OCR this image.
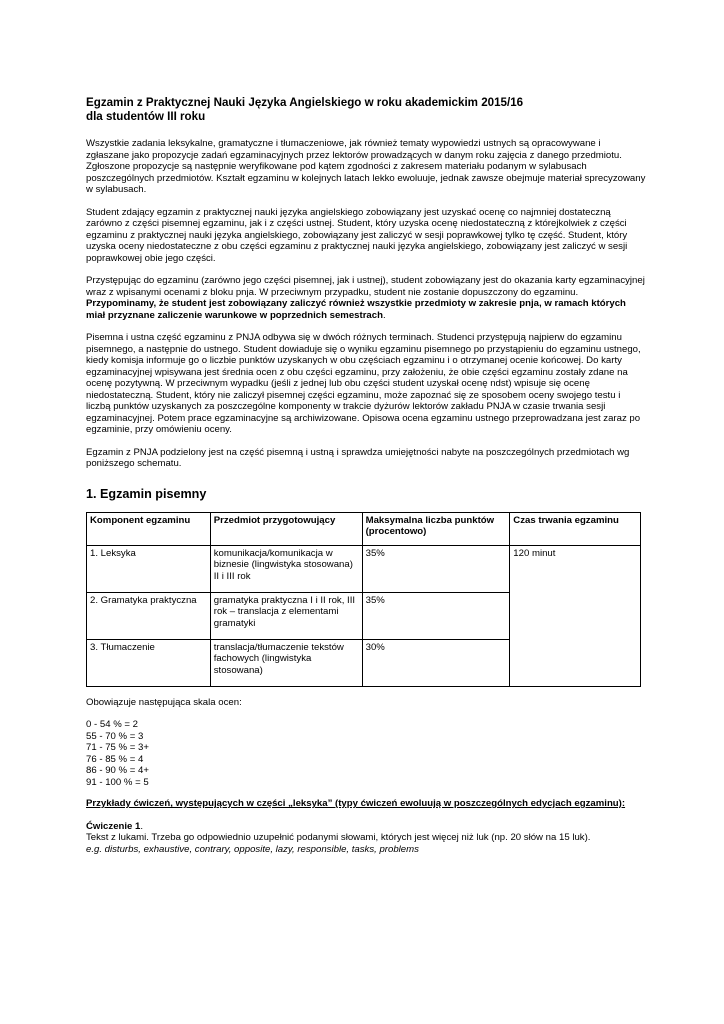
Egzamin z Praktycznej Nauki Języka Angielskiego w roku akademickim 2015/16
dla studentów III roku

Wszystkie zadania leksykalne, gramatyczne i tłumaczeniowe, jak również tematy wypowiedzi ustnych są opracowywane i zgłaszane jako propozycje zadań egzaminacyjnych przez lektorów prowadzących w danym roku zajęcia z danego przedmiotu. Zgłoszone propozycje są następnie weryfikowane pod kątem zgodności z zakresem materiału podanym w sylabusach poszczególnych przedmiotów. Kształt egzaminu w kolejnych latach lekko ewoluuje, jednak zawsze obejmuje materiał sprecyzowany w sylabusach.

Student zdający egzamin z praktycznej nauki języka angielskiego zobowiązany jest uzyskać ocenę co najmniej dostateczną zarówno z części pisemnej egzaminu, jak i z części ustnej. Student, który uzyska ocenę niedostateczną z którejkolwiek z części egzaminu z praktycznej nauki języka angielskiego, zobowiązany jest zaliczyć w sesji poprawkowej tylko tę część. Student, który uzyska oceny niedostateczne z obu części egzaminu z praktycznej nauki języka angielskiego, zobowiązany jest zaliczyć w sesji poprawkowej obie jego części.

Przystępując do egzaminu (zarówno jego części pisemnej, jak i ustnej), student zobowiązany jest do okazania karty egzaminacyjnej wraz z wpisanymi ocenami z bloku pnja. W przeciwnym przypadku, student nie zostanie dopuszczony do egzaminu. Przypominamy, że student jest zobowiązany zaliczyć również wszystkie przedmioty w zakresie pnja, w ramach których miał przyznane zaliczenie warunkowe w poprzednich semestrach.

Pisemna i ustna część egzaminu z PNJA odbywa się w dwóch różnych terminach. Studenci przystępują najpierw do egzaminu pisemnego, a następnie do ustnego. Student dowiaduje się o wyniku egzaminu pisemnego po przystąpieniu do egzaminu ustnego, kiedy komisja informuje go o liczbie punktów uzyskanych w obu częściach egzaminu i o otrzymanej ocenie końcowej. Do karty egzaminacyjnej wpisywana jest średnia ocen z obu części egzaminu, przy założeniu, że obie części egzaminu zostały zdane na ocenę pozytywną. W przeciwnym wypadku (jeśli z jednej lub obu części student uzyskał ocenę ndst) wpisuje się ocenę niedostateczną. Student, który nie zaliczył pisemnej części egzaminu, może zapoznać się ze sposobem oceny swojego testu i liczbą punktów uzyskanych za poszczególne komponenty w trakcie dyżurów lektorów zakładu PNJA w czasie trwania sesji egzaminacyjnej. Potem prace egzaminacyjne są archiwizowane. Opisowa ocena egzaminu ustnego przeprowadzana jest zaraz po egzaminie, przy omówieniu oceny.

Egzamin z PNJA podzielony jest na część pisemną i ustną i sprawdza umiejętności nabyte na poszczególnych przedmiotach wg poniższego schematu.

1. Egzamin pisemny
Komponent egzaminu	Przedmiot przygotowujący	Maksymalna liczba punktów (procentowo)	Czas trwania egzaminu
1. Leksyka	komunikacja/komunikacja w biznesie (lingwistyka stosowana) II i III rok	35%	120 minut
2. Gramatyka praktyczna	gramatyka praktyczna I i II rok, III rok – translacja z elementami gramatyki	35%	
3. Tłumaczenie	translacja/tłumaczenie tekstów fachowych (lingwistyka stosowana)	30%	
Obowiązuje następująca skala ocen:
0 - 54 % = 2
55 - 70 % = 3
71 - 75 % = 3+
76 - 85 % = 4
86 - 90 % = 4+
91 - 100 % = 5

Przykłady ćwiczeń, występujących w części „leksyka” (typy ćwiczeń ewoluują w poszczególnych edycjach egzaminu):

Ćwiczenie 1.
Tekst z lukami. Trzeba go odpowiednio uzupełnić podanymi słowami, których jest więcej niż luk (np. 20 słów na 15 luk).
e.g. disturbs, exhaustive, contrary, opposite, lazy, responsible, tasks, problems
